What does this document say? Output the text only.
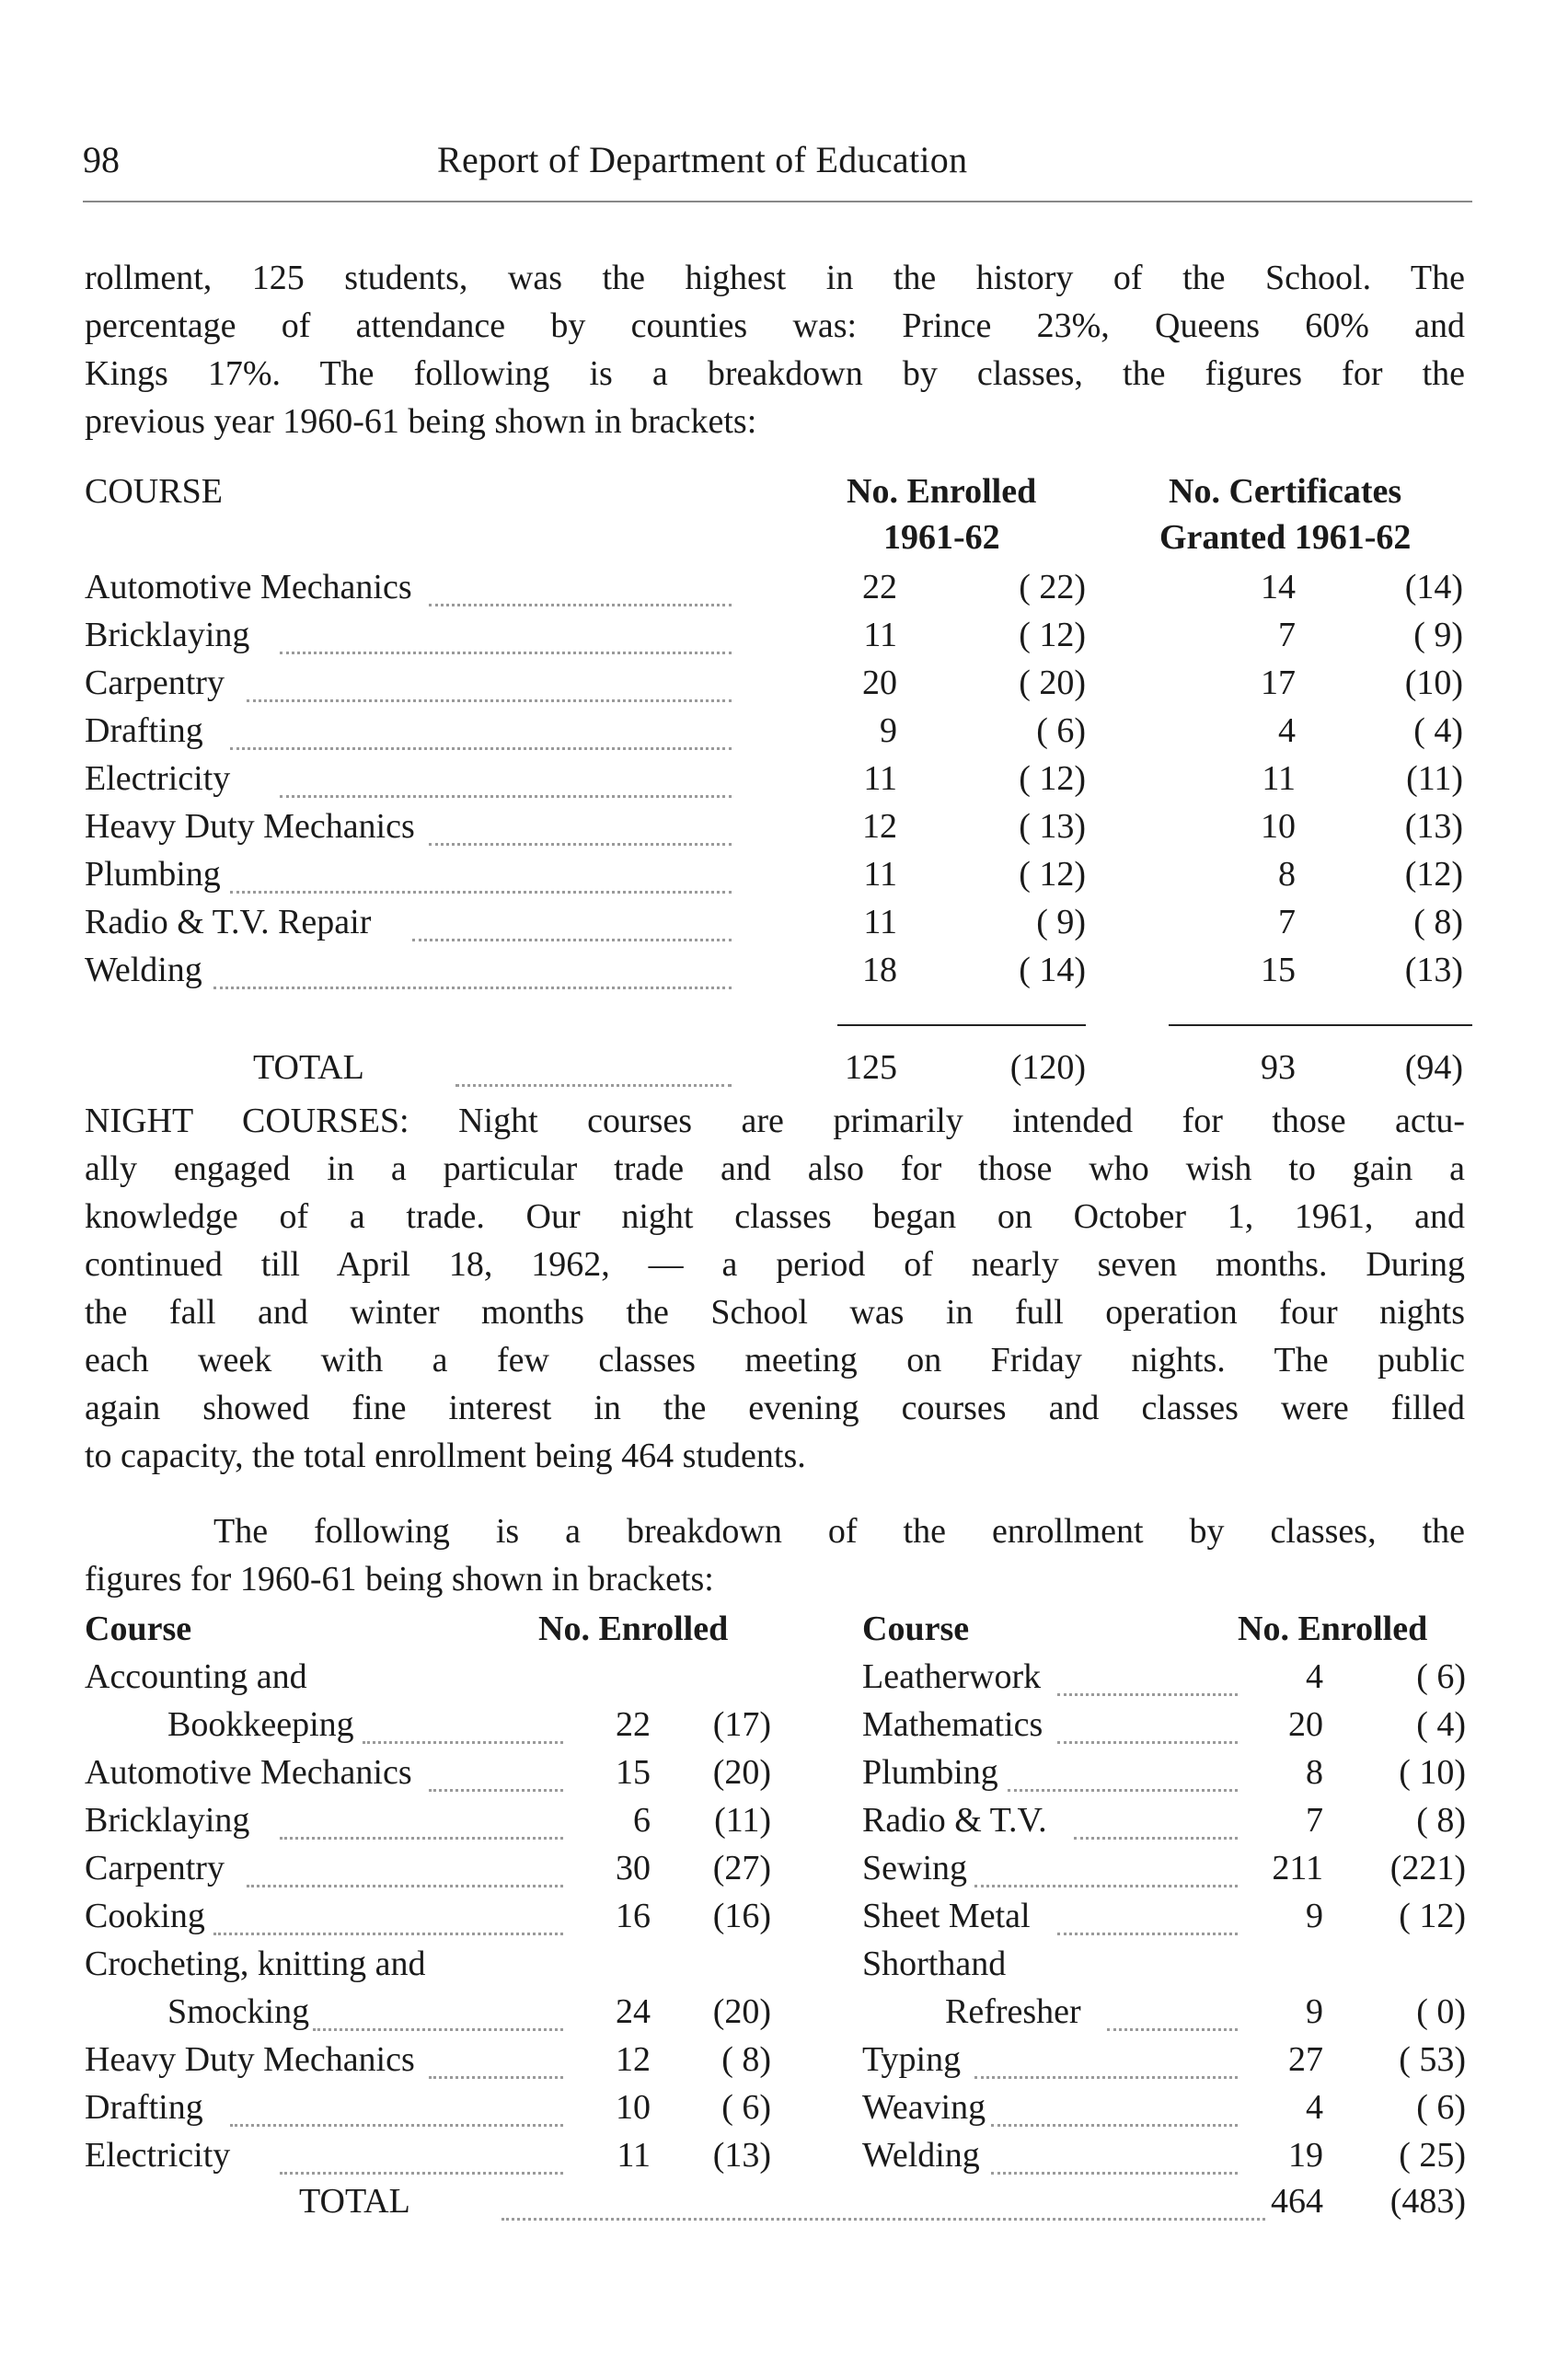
98	Report of Department of Education
rollment, 125 students, was the highest in the history of the School. The
percentage of attendance by counties was: Prince 23%, Queens 60% and
Kings 17%. The following is a breakdown by classes, the figures for the
previous year 1960-61 being shown in brackets:
COURSE	No. Enrolled
1961-62
No. Certificates
Granted 1961-62
Automotive Mechanics	22	( 22)	14	(14)
Bricklaying	11	( 12)	7	( 9)
Carpentry	20	( 20)	17	(10)
Drafting	9	( 6)	4	( 4)
Electricity	11	( 12)	11	(11)
Heavy Duty Mechanics	12	( 13)	10	(13)
Plumbing	11	( 12)	8	(12)
Radio & T.V. Repair	11	( 9)	7	( 8)
Welding	18	( 14)	15	(13)
TOTAL	125	(120)	93	(94)
NIGHT COURSES: Night courses are primarily intended for those actu-
ally engaged in a particular trade and also for those who wish to gain a
knowledge of a trade. Our night classes began on October 1, 1961, and
continued till April 18, 1962, — a period of nearly seven months. During
the fall and winter months the School was in full operation four nights
each week with a few classes meeting on Friday nights. The public
again showed fine interest in the evening courses and classes were filled
to capacity, the total enrollment being 464 students.
The following is a breakdown of the enrollment by classes, the
figures for 1960-61 being shown in brackets:
Course	No. Enrolled	Course	No. Enrolled
Accounting and
Bookkeeping	22	(17)
Automotive Mechanics	15	(20)
Bricklaying	6	(11)
Carpentry	30	(27)
Cooking	16	(16)
Crocheting, knitting and
Smocking	24	(20)
Heavy Duty Mechanics	12	( 8)
Drafting	10	( 6)
Electricity	11	(13)
Leatherwork	4	( 6)
Mathematics	20	( 4)
Plumbing	8	( 10)
Radio & T.V.	7	( 8)
Sewing	211	(221)
Sheet Metal	9	( 12)
Shorthand
Refresher	9	( 0)
Typing	27	( 53)
Weaving	4	( 6)
Welding	19	( 25)
TOTAL	464	(483)
